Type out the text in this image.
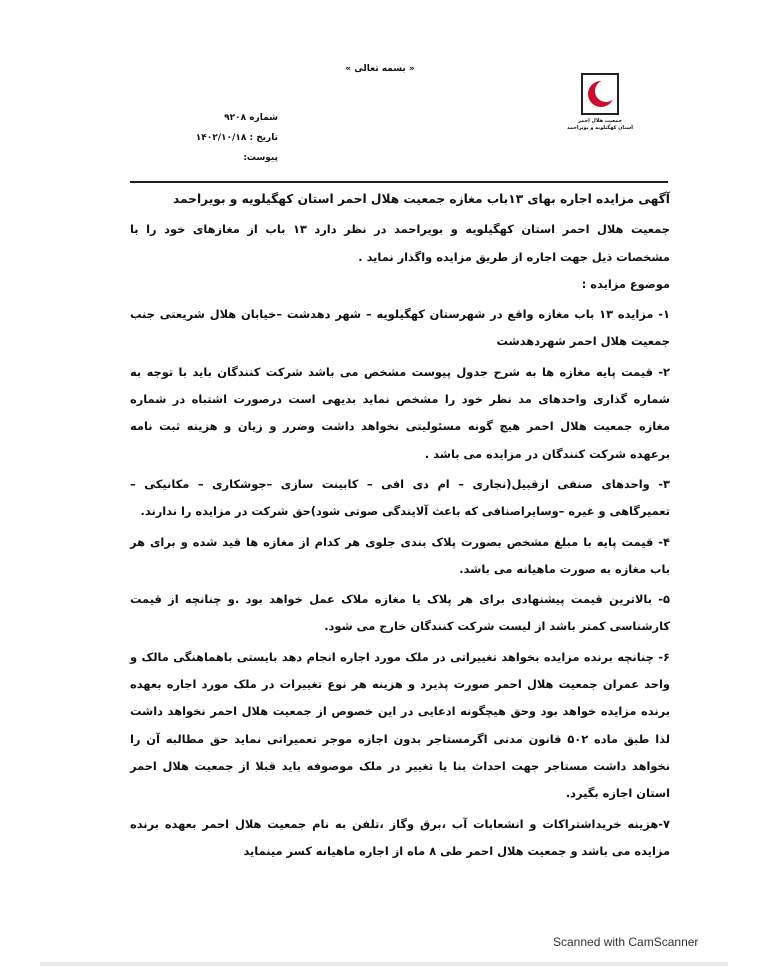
« بسمه تعالی »
جمعیت هلال احمر
استان کهگیلویه و بویراحمد
شماره ۹۲۰۸
تاریخ : ۱۴۰۲/۱۰/۱۸
پیوست:

آگهی مزایده اجاره بهای ۱۳باب مغازه جمعیت هلال احمر استان کهگیلویه و بویراحمد

جمعیت هلال احمر استان کهگیلویه و بویراحمد در نظر دارد ۱۳ باب از مغازهای خود را با مشخصات ذیل جهت اجاره از طریق مزایده واگذار نماید .

موضوع مزایده :

۱- مزایده ۱۳ باب مغازه واقع در شهرستان کهگیلویه – شهر دهدشت –خیابان هلال شریعتی جنب جمعیت هلال احمر شهردهدشت

۲- قیمت پایه مغازه ها به شرح جدول پیوست مشخص می باشد شرکت کنندگان باید با توجه به شماره گذاری واحدهای مد نظر خود را مشخص نماید بدیهی است درصورت اشتباه در شماره مغازه جمعیت هلال احمر هیچ گونه مسئولیتی نخواهد داشت وضرر و زیان و هزینه ثبت نامه برعهده شرکت کنندگان در مزایده می باشد .

۳- واحدهای صنفی ازقبیل(نجاری – ام دی افی – کابینت سازی –جوشکاری – مکانیکی – تعمیرگاهی و غیره –وسایراصنافی که باعث آلایندگی صوتی شود)حق شرکت در مزایده را ندارند.

۴- قیمت پایه با مبلغ مشخص بصورت پلاک بندی جلوی هر کدام از مغازه ها قید شده و برای هر باب مغازه به صورت ماهیانه می باشد.

۵- بالاترین قیمت پیشنهادی برای هر پلاک یا مغازه ملاک عمل خواهد بود .و چنانچه از قیمت کارشناسی کمتر باشد از لیست شرکت کنندگان خارج می شود.

۶- چنانچه برنده مزایده بخواهد تغییراتی در ملک مورد اجاره انجام دهد بایستی باهماهنگی مالک و واحد عمران جمعیت هلال احمر صورت پذیرد و هزینه هر نوع تغییرات در ملک مورد اجاره بعهده برنده مزایده خواهد بود وحق هیچگونه ادعایی در این خصوص از جمعیت هلال احمر نخواهد داشت لذا طبق ماده ۵۰۲ قانون مدنی اگرمستاجر بدون اجازه موجر تعمیراتی نماید حق مطالبه آن را نخواهد داشت مستاجر جهت احداث بنا یا تغییر در ملک موصوفه باید قبلا از جمعیت هلال احمر استان اجازه بگیرد.

۷-هزینه خریداشتراکات و انشعابات آب ،برق وگاز ،تلفن به نام جمعیت هلال احمر بعهده برنده مزایده می باشد و جمعیت هلال احمر طی ۸ ماه از اجاره ماهیانه کسر مینماید

Scanned with CamScanner
